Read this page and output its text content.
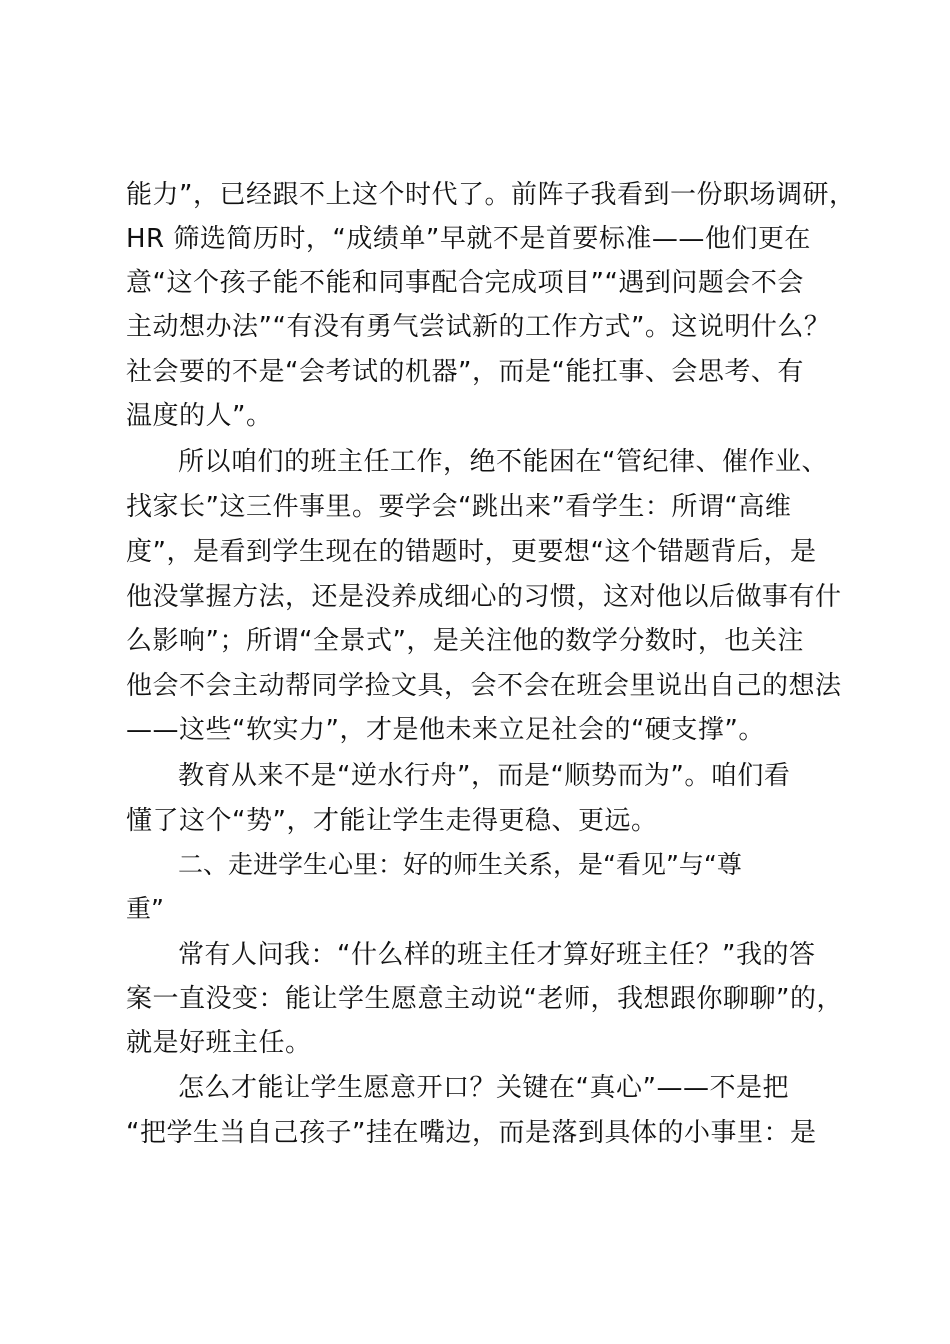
能力”，已经跟不上这个时代了。前阵子我看到一份职场调研，
HR 筛选简历时，“成绩单”早就不是首要标准——他们更在
意“这个孩子能不能和同事配合完成项目”“遇到问题会不会
主动想办法”“有没有勇气尝试新的工作方式”。这说明什么？
社会要的不是“会考试的机器”，而是“能扛事、会思考、有
温度的人”。
所以咱们的班主任工作，绝不能困在“管纪律、催作业、
找家长”这三件事里。要学会“跳出来”看学生：所谓“高维
度”，是看到学生现在的错题时，更要想“这个错题背后，是
他没掌握方法，还是没养成细心的习惯，这对他以后做事有什
么影响”；所谓“全景式”，是关注他的数学分数时，也关注
他会不会主动帮同学捡文具，会不会在班会里说出自己的想法
——这些“软实力”，才是他未来立足社会的“硬支撑”。
教育从来不是“逆水行舟”，而是“顺势而为”。咱们看
懂了这个“势”，才能让学生走得更稳、更远。
二、走进学生心里：好的师生关系，是“看见”与“尊
重”
常有人问我：“什么样的班主任才算好班主任？”我的答
案一直没变：能让学生愿意主动说“老师，我想跟你聊聊”的，
就是好班主任。
怎么才能让学生愿意开口？关键在“真心”——不是把
“把学生当自己孩子”挂在嘴边，而是落到具体的小事里：是
